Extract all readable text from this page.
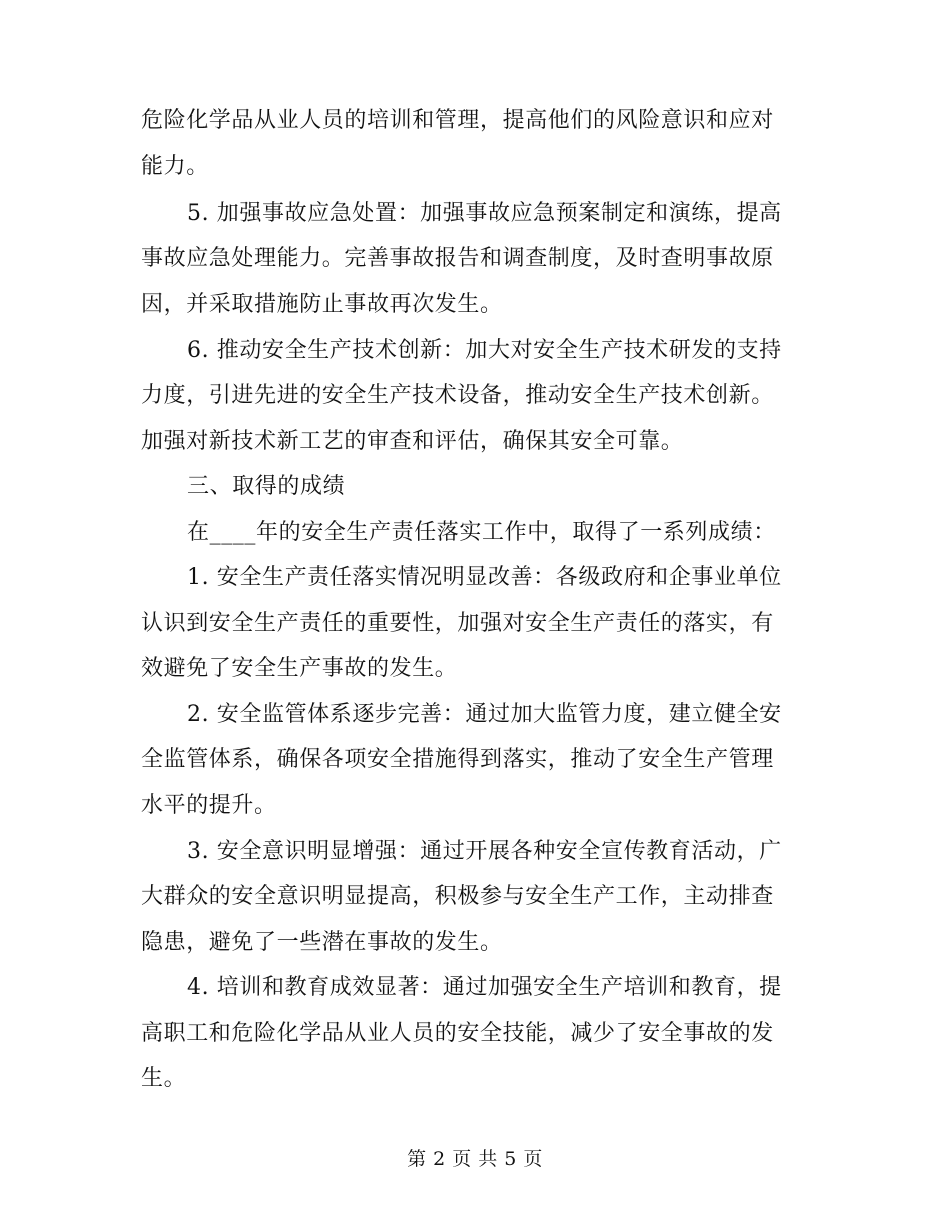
危险化学品从业人员的培训和管理，提高他们的风险意识和应对
能力。
5. 加强事故应急处置：加强事故应急预案制定和演练，提高
事故应急处理能力。完善事故报告和调查制度，及时查明事故原
因，并采取措施防止事故再次发生。
6. 推动安全生产技术创新：加大对安全生产技术研发的支持
力度，引进先进的安全生产技术设备，推动安全生产技术创新。
加强对新技术新工艺的审查和评估，确保其安全可靠。
三、取得的成绩
在____年的安全生产责任落实工作中，取得了一系列成绩：
1. 安全生产责任落实情况明显改善：各级政府和企事业单位
认识到安全生产责任的重要性，加强对安全生产责任的落实，有
效避免了安全生产事故的发生。
2. 安全监管体系逐步完善：通过加大监管力度，建立健全安
全监管体系，确保各项安全措施得到落实，推动了安全生产管理
水平的提升。
3. 安全意识明显增强：通过开展各种安全宣传教育活动，广
大群众的安全意识明显提高，积极参与安全生产工作，主动排查
隐患，避免了一些潜在事故的发生。
4. 培训和教育成效显著：通过加强安全生产培训和教育，提
高职工和危险化学品从业人员的安全技能，减少了安全事故的发
生。
第 2 页 共 5 页
